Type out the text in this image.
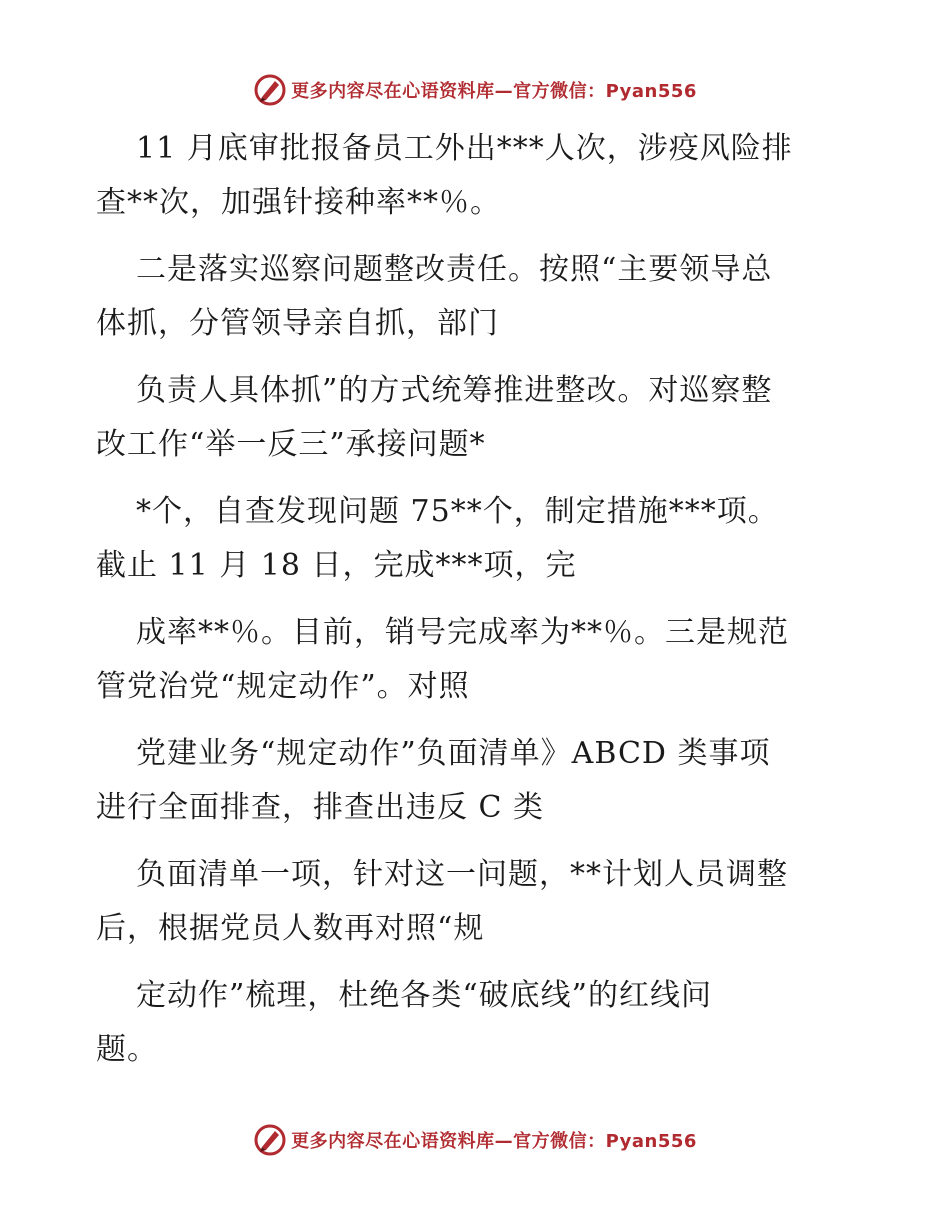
更多内容尽在心语资料库—官方微信：Pyan556
11 月底审批报备员工外出***人次，涉疫风险排
查**次，加强针接种率**％。
二是落实巡察问题整改责任。按照“主要领导总
体抓，分管领导亲自抓，部门
负责人具体抓”的方式统筹推进整改。对巡察整
改工作“举一反三”承接问题*
*个，自查发现问题 75**个，制定措施***项。
截止 11 月 18 日，完成***项，完
成率**％。目前，销号完成率为**％。三是规范
管党治党“规定动作”。对照
党建业务“规定动作”负面清单》ABCD 类事项
进行全面排查，排查出违反 C 类
负面清单一项，针对这一问题，**计划人员调整
后，根据党员人数再对照“规
定动作”梳理，杜绝各类“破底线”的红线问
题。
更多内容尽在心语资料库—官方微信：Pyan556
